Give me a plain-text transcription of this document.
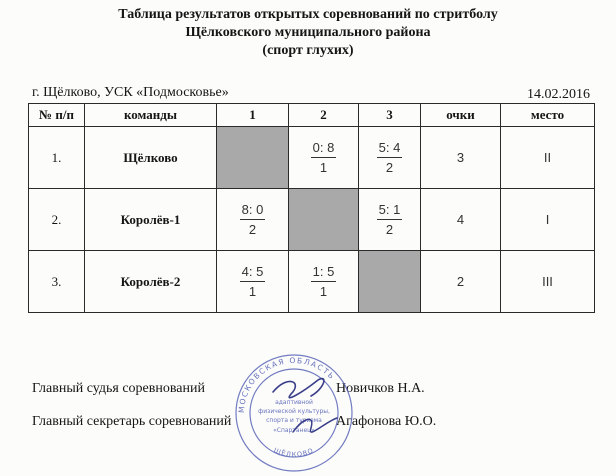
Таблица результатов открытых соревнований по стритболу
Щёлковского муниципального района
(спорт глухих)
г. Щёлково, УСК «Подмосковье»	14.02.2016
№ п/п	команды	1	2	3	очки	место
1.	Щёлково		$\frac{0: 8}{1}$	$\frac{5: 4}{2}$	3	II
2.	Королёв-1	$\frac{8: 0}{2}$		$\frac{5: 1}{2}$	4	I
3.	Королёв-2	$\frac{4: 5}{1}$	$\frac{1: 5}{1}$		2	III
Главный судья соревнований	Новичков Н.А.
Главный секретарь соревнований	Агафонова Ю.О.
МОСКОВСКАЯ ОБЛАСТЬ
ЩЁЛКОВО
адаптивной
физической культуры,
спорта и туризма
«Спартанец»
